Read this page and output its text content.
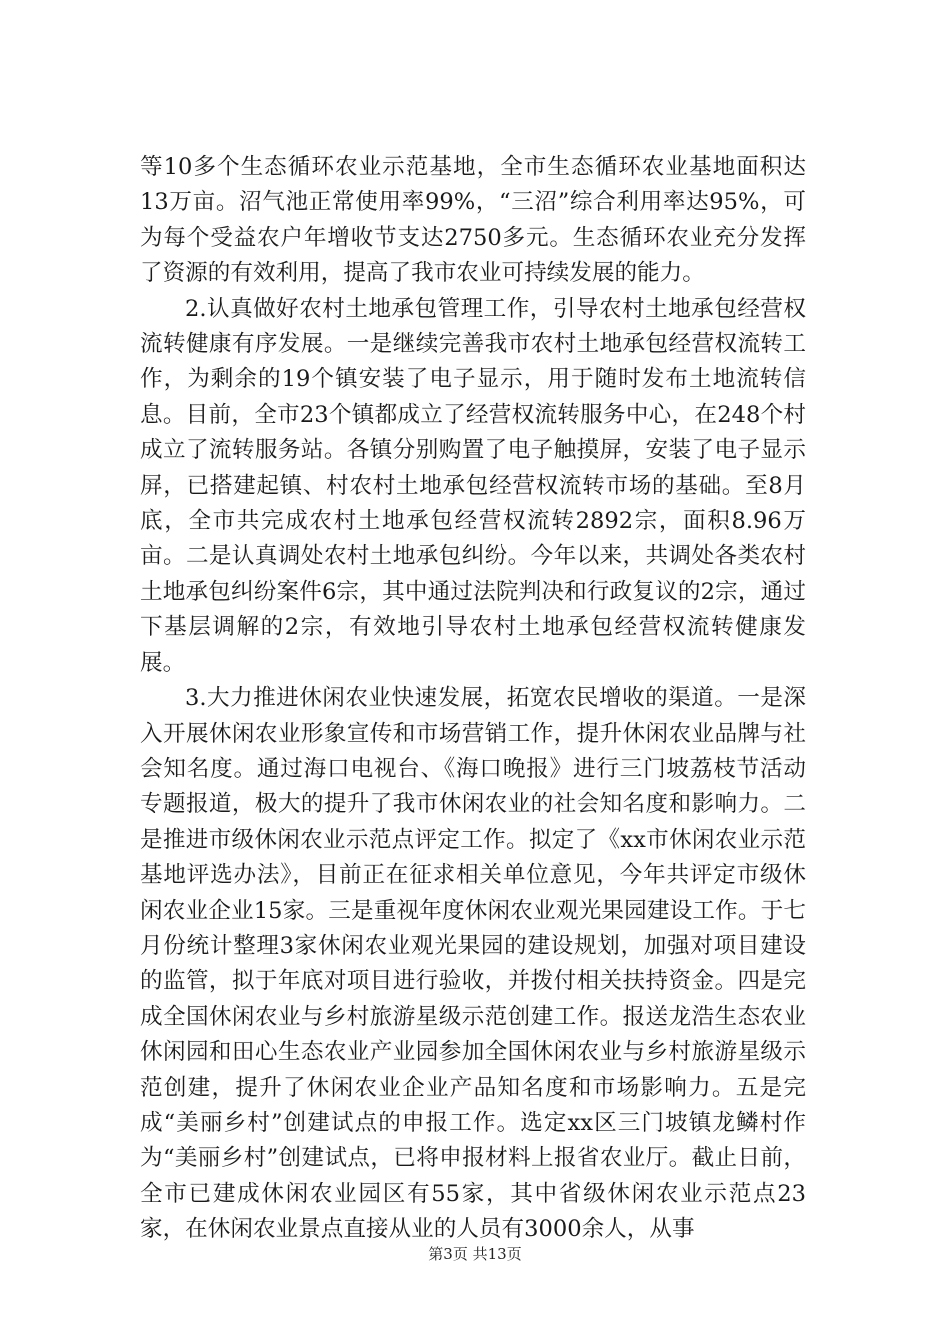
等10多个生态循环农业示范基地，全市生态循环农业基地面积达13万亩。沼气池正常使用率99%，“三沼”综合利用率达95%，可为每个受益农户年增收节支达2750多元。生态循环农业充分发挥了资源的有效利用，提高了我市农业可持续发展的能力。

2.认真做好农村土地承包管理工作，引导农村土地承包经营权流转健康有序发展。一是继续完善我市农村土地承包经营权流转工作，为剩余的19个镇安装了电子显示，用于随时发布土地流转信息。目前，全市23个镇都成立了经营权流转服务中心，在248个村成立了流转服务站。各镇分别购置了电子触摸屏，安装了电子显示屏，已搭建起镇、村农村土地承包经营权流转市场的基础。至8月底，全市共完成农村土地承包经营权流转2892宗，面积8.96万亩。二是认真调处农村土地承包纠纷。今年以来，共调处各类农村土地承包纠纷案件6宗，其中通过法院判决和行政复议的2宗，通过下基层调解的2宗，有效地引导农村土地承包经营权流转健康发展。

3.大力推进休闲农业快速发展，拓宽农民增收的渠道。一是深入开展休闲农业形象宣传和市场营销工作，提升休闲农业品牌与社会知名度。通过海口电视台、《海口晚报》进行三门坡荔枝节活动专题报道，极大的提升了我市休闲农业的社会知名度和影响力。二是推进市级休闲农业示范点评定工作。拟定了《xx市休闲农业示范基地评选办法》，目前正在征求相关单位意见，今年共评定市级休闲农业企业15家。三是重视年度休闲农业观光果园建设工作。于七月份统计整理3家休闲农业观光果园的建设规划，加强对项目建设的监管，拟于年底对项目进行验收，并拨付相关扶持资金。四是完成全国休闲农业与乡村旅游星级示范创建工作。报送龙浩生态农业休闲园和田心生态农业产业园参加全国休闲农业与乡村旅游星级示范创建，提升了休闲农业企业产品知名度和市场影响力。五是完成“美丽乡村”创建试点的申报工作。选定xx区三门坡镇龙鳞村作为“美丽乡村”创建试点，已将申报材料上报省农业厅。截止日前，全市已建成休闲农业园区有55家，其中省级休闲农业示范点23家，在休闲农业景点直接从业的人员有3000余人，从事

第3页 共13页
